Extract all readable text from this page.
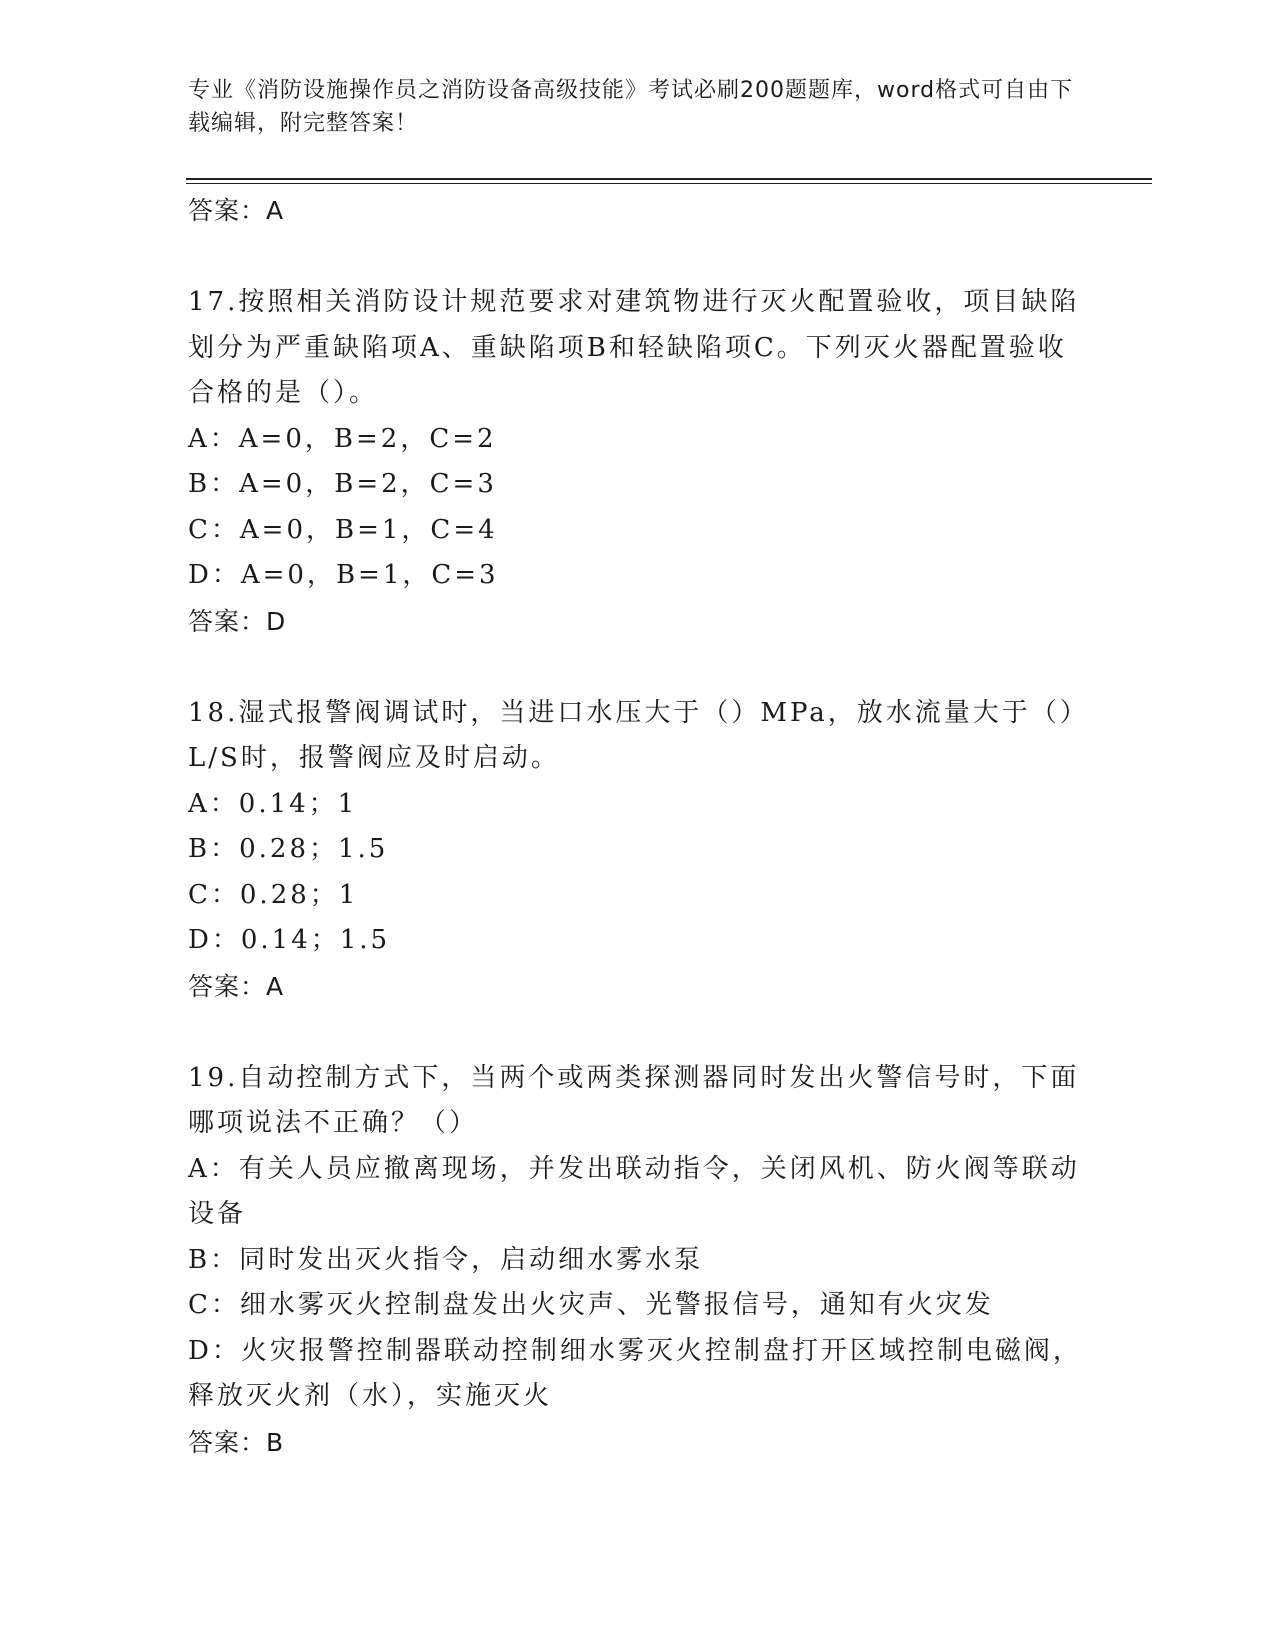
专业《消防设施操作员之消防设备高级技能》考试必刷200题题库，word格式可自由下载编辑，附完整答案！
答案：A
17.按照相关消防设计规范要求对建筑物进行灭火配置验收，项目缺陷划分为严重缺陷项A、重缺陷项B和轻缺陷项C。下列灭火器配置验收合格的是（）。
A：A=0，B=2，C=2
B：A=0，B=2，C=3
C：A=0，B=1，C=4
D：A=0，B=1，C=3
答案：D
18.湿式报警阀调试时，当进口水压大于（）MPa，放水流量大于（）L/S时，报警阀应及时启动。
A：0.14；1
B：0.28；1.5
C：0.28；1
D：0.14；1.5
答案：A
19.自动控制方式下，当两个或两类探测器同时发出火警信号时，下面哪项说法不正确？（）
A：有关人员应撤离现场，并发出联动指令，关闭风机、防火阀等联动设备
B：同时发出灭火指令，启动细水雾水泵
C：细水雾灭火控制盘发出火灾声、光警报信号，通知有火灾发
D：火灾报警控制器联动控制细水雾灭火控制盘打开区域控制电磁阀，释放灭火剂（水），实施灭火
答案：B
